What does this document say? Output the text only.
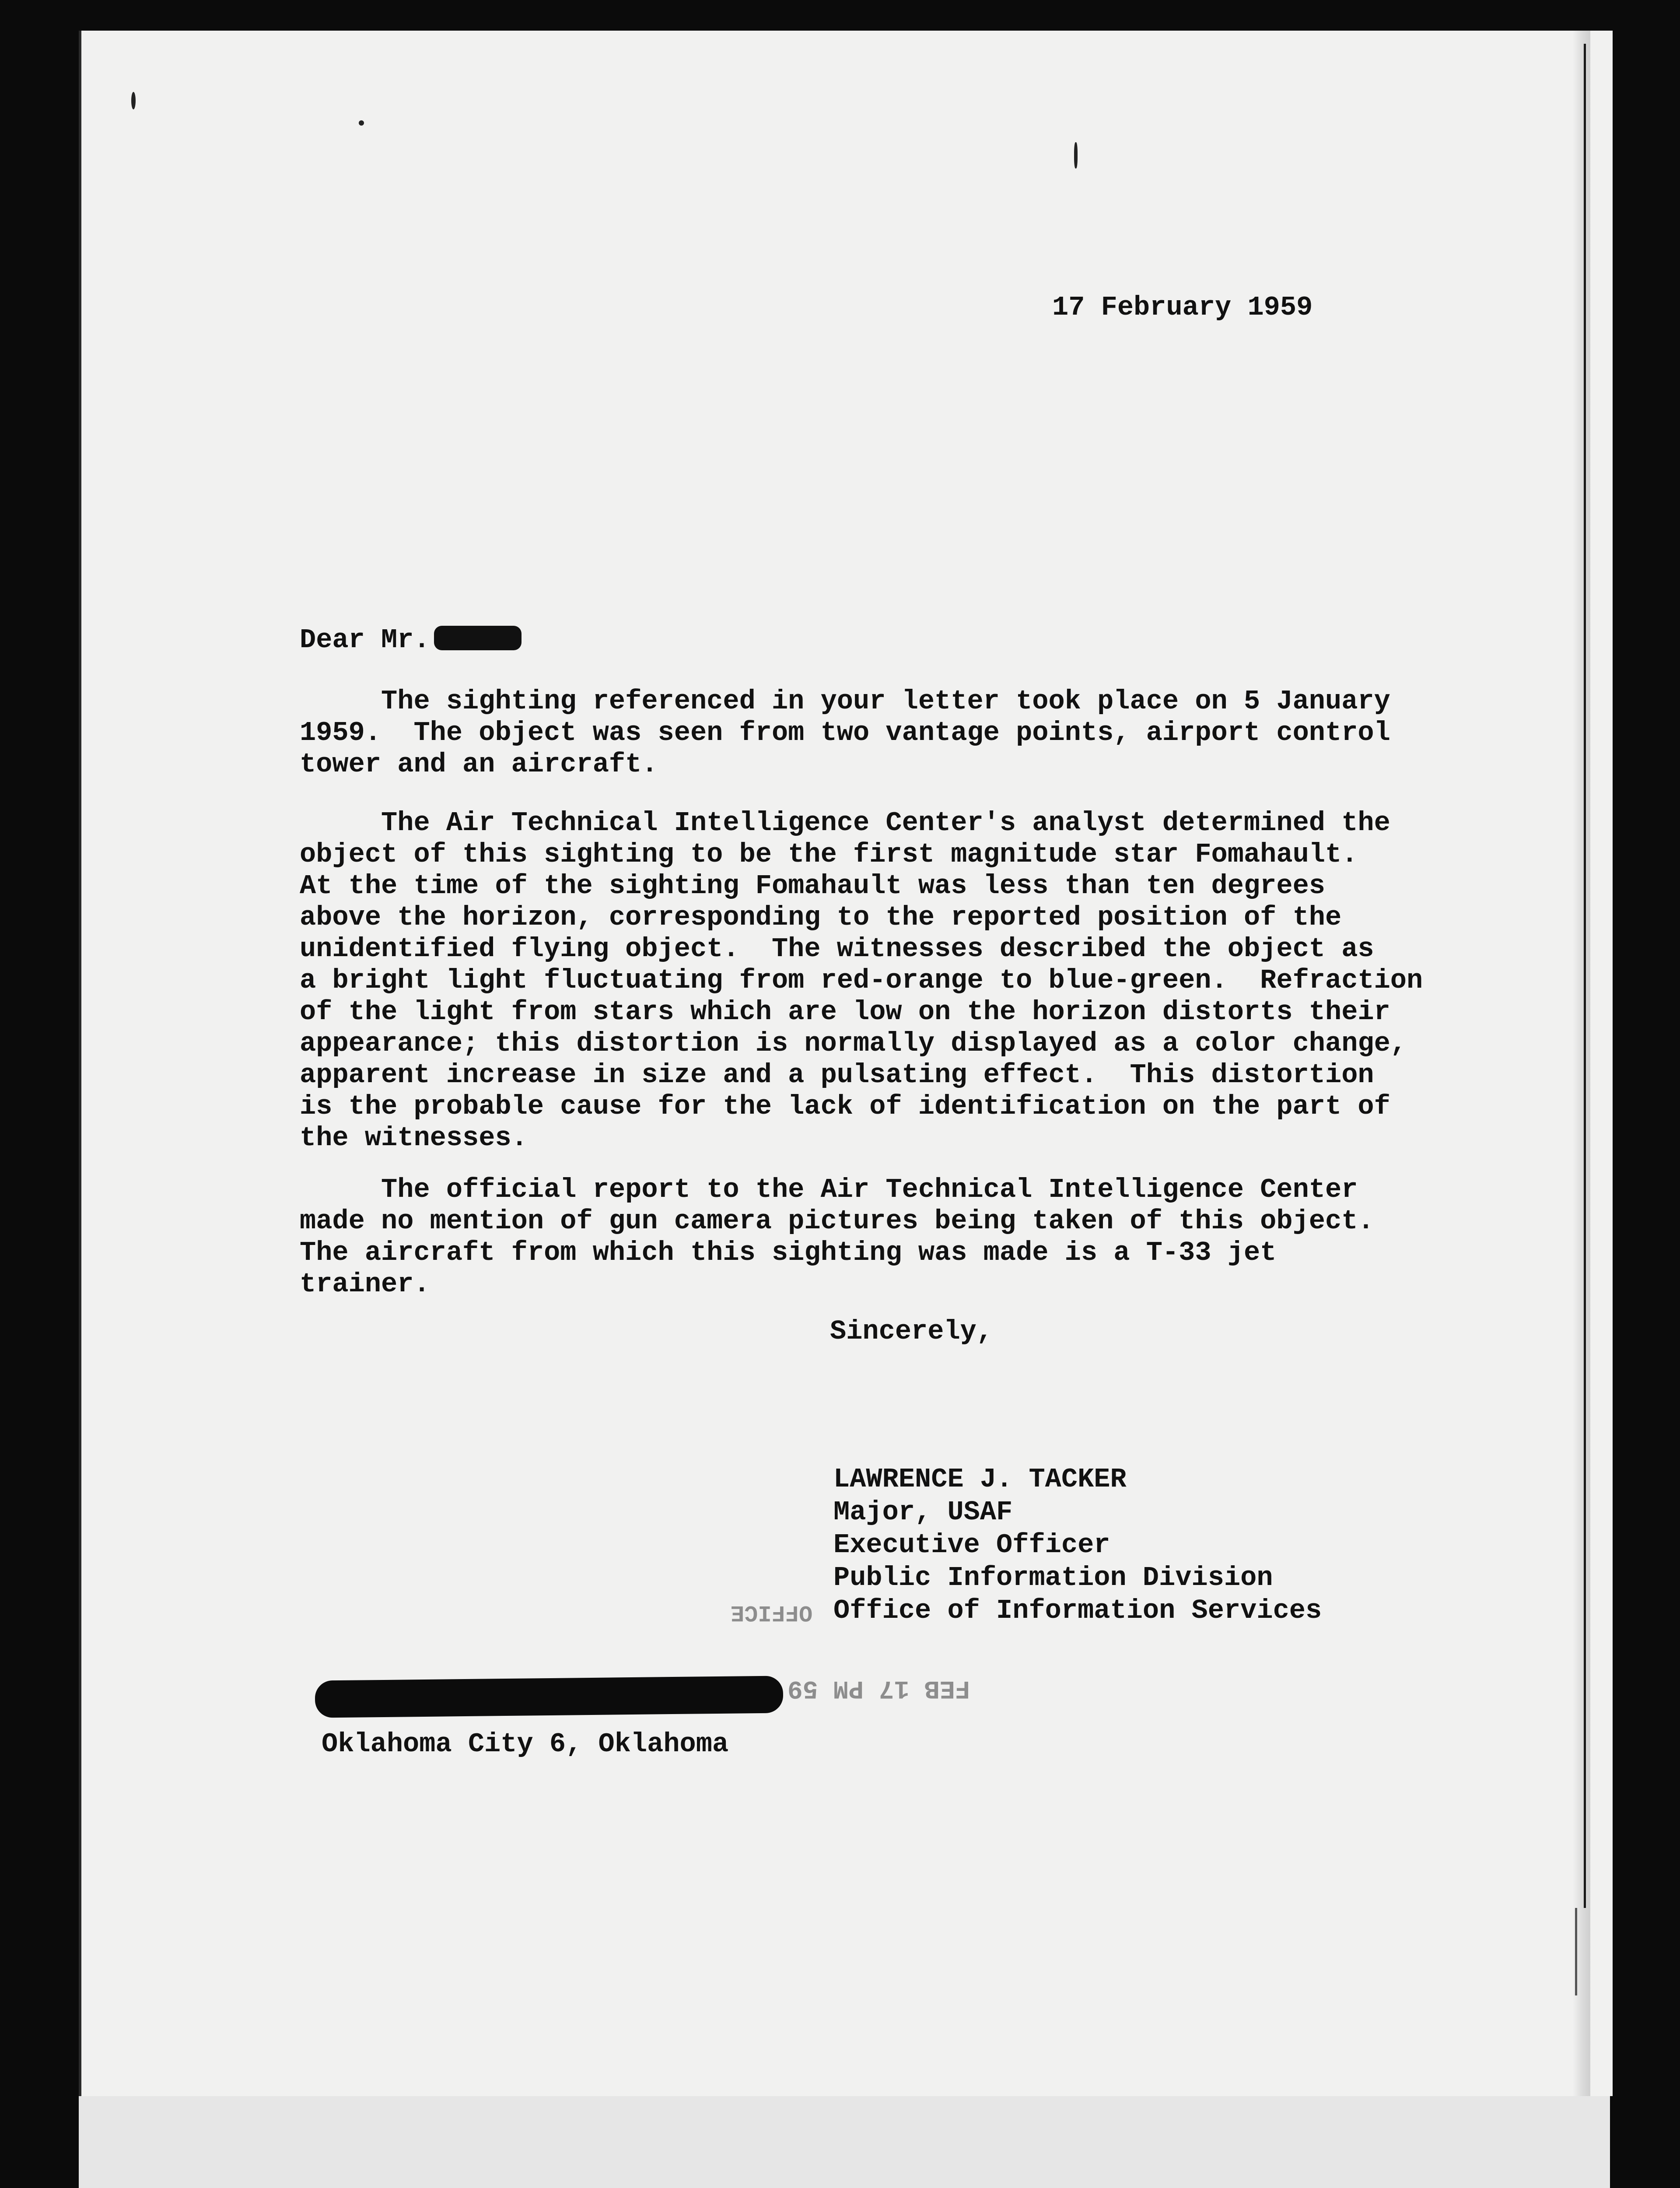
17 February 1959
Dear Mr.
The sighting referenced in your letter took place on 5 January
1959.  The object was seen from two vantage points, airport control
tower and an aircraft.
The Air Technical Intelligence Center's analyst determined the
object of this sighting to be the first magnitude star Fomahault.
At the time of the sighting Fomahault was less than ten degrees
above the horizon, corresponding to the reported position of the
unidentified flying object.  The witnesses described the object as
a bright light fluctuating from red-orange to blue-green.  Refraction
of the light from stars which are low on the horizon distorts their
appearance; this distortion is normally displayed as a color change,
apparent increase in size and a pulsating effect.  This distortion
is the probable cause for the lack of identification on the part of
the witnesses.
The official report to the Air Technical Intelligence Center
made no mention of gun camera pictures being taken of this object.
The aircraft from which this sighting was made is a T-33 jet
trainer.
Sincerely,
LAWRENCE J. TACKER
Major, USAF
Executive Officer
Public Information Division
Office of Information Services
OFFICE
FEB 17 PM 59
Oklahoma City 6, Oklahoma
